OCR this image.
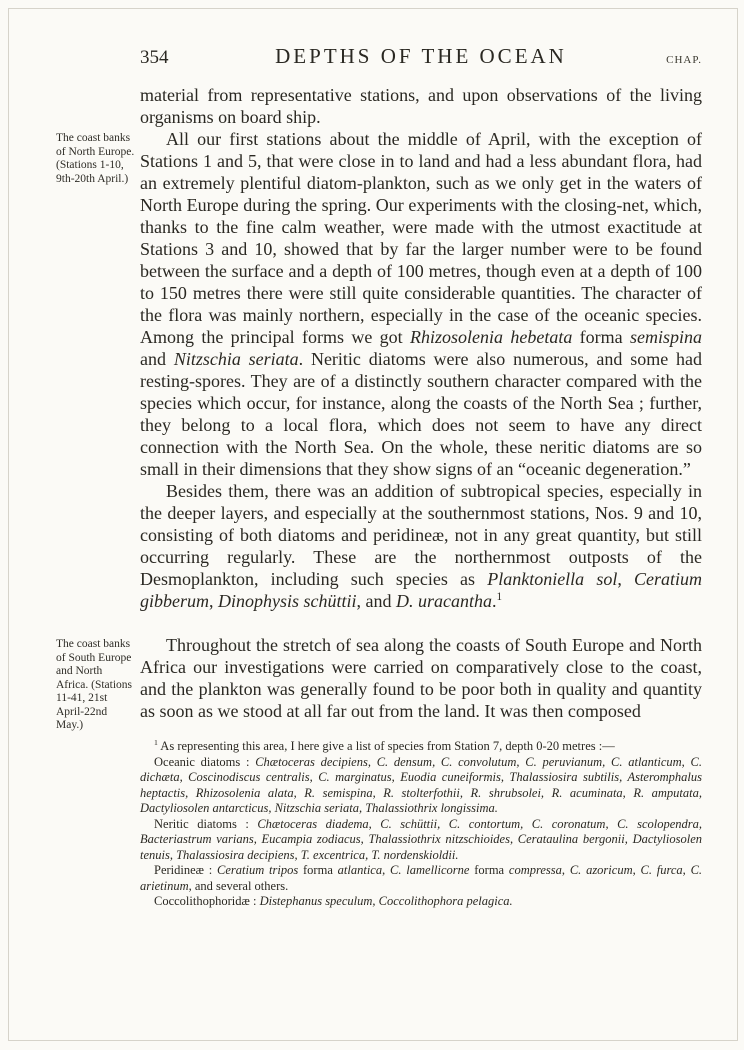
354	DEPTHS OF THE OCEAN	CHAP.

material from representative stations, and upon observations of the living organisms on board ship.

The coast banks of North Europe. (Stations 1-10, 9th-20th April.)
All our first stations about the middle of April, with the exception of Stations 1 and 5, that were close in to land and had a less abundant flora, had an extremely plentiful diatom-plankton, such as we only get in the waters of North Europe during the spring. Our experiments with the closing-net, which, thanks to the fine calm weather, were made with the utmost exactitude at Stations 3 and 10, showed that by far the larger number were to be found between the surface and a depth of 100 metres, though even at a depth of 100 to 150 metres there were still quite considerable quantities. The character of the flora was mainly northern, especially in the case of the oceanic species. Among the principal forms we got Rhizosolenia hebetata forma semispina and Nitzschia seriata. Neritic diatoms were also numerous, and some had resting-spores. They are of a distinctly southern character compared with the species which occur, for instance, along the coasts of the North Sea ; further, they belong to a local flora, which does not seem to have any direct connection with the North Sea. On the whole, these neritic diatoms are so small in their dimensions that they show signs of an “oceanic degeneration.”

Besides them, there was an addition of subtropical species, especially in the deeper layers, and especially at the southernmost stations, Nos. 9 and 10, consisting of both diatoms and peridineæ, not in any great quantity, but still occurring regularly. These are the northernmost outposts of the Desmoplankton, including such species as Planktoniella sol, Ceratium gibberum, Dinophysis schüttii, and D. uracantha.$^1$

The coast banks of South Europe and North Africa. (Stations 11-41, 21st April-22nd May.)
Throughout the stretch of sea along the coasts of South Europe and North Africa our investigations were carried on comparatively close to the coast, and the plankton was generally found to be poor both in quality and quantity as soon as we stood at all far out from the land. It was then composed

$^1$ As representing this area, I here give a list of species from Station 7, depth 0-20 metres :—

Oceanic diatoms : Chætoceras decipiens, C. densum, C. convolutum, C. peruvianum, C. atlanticum, C. dichæta, Coscinodiscus centralis, C. marginatus, Euodia cuneiformis, Thalassiosira subtilis, Asteromphalus heptactis, Rhizosolenia alata, R. semispina, R. stolterfothii, R. shrubsolei, R. acuminata, R. amputata, Dactyliosolen antarcticus, Nitzschia seriata, Thalassiothrix longissima.

Neritic diatoms : Chætoceras diadema, C. schüttii, C. contortum, C. coronatum, C. scolopendra, Bacteriastrum varians, Eucampia zodiacus, Thalassiothrix nitzschioides, Cerataulina bergonii, Dactyliosolen tenuis, Thalassiosira decipiens, T. excentrica, T. nordenskioldii.

Peridineæ : Ceratium tripos forma atlantica, C. lamellicorne forma compressa, C. azoricum, C. furca, C. arietinum, and several others.

Coccolithophoridæ : Distephanus speculum, Coccolithophora pelagica.
